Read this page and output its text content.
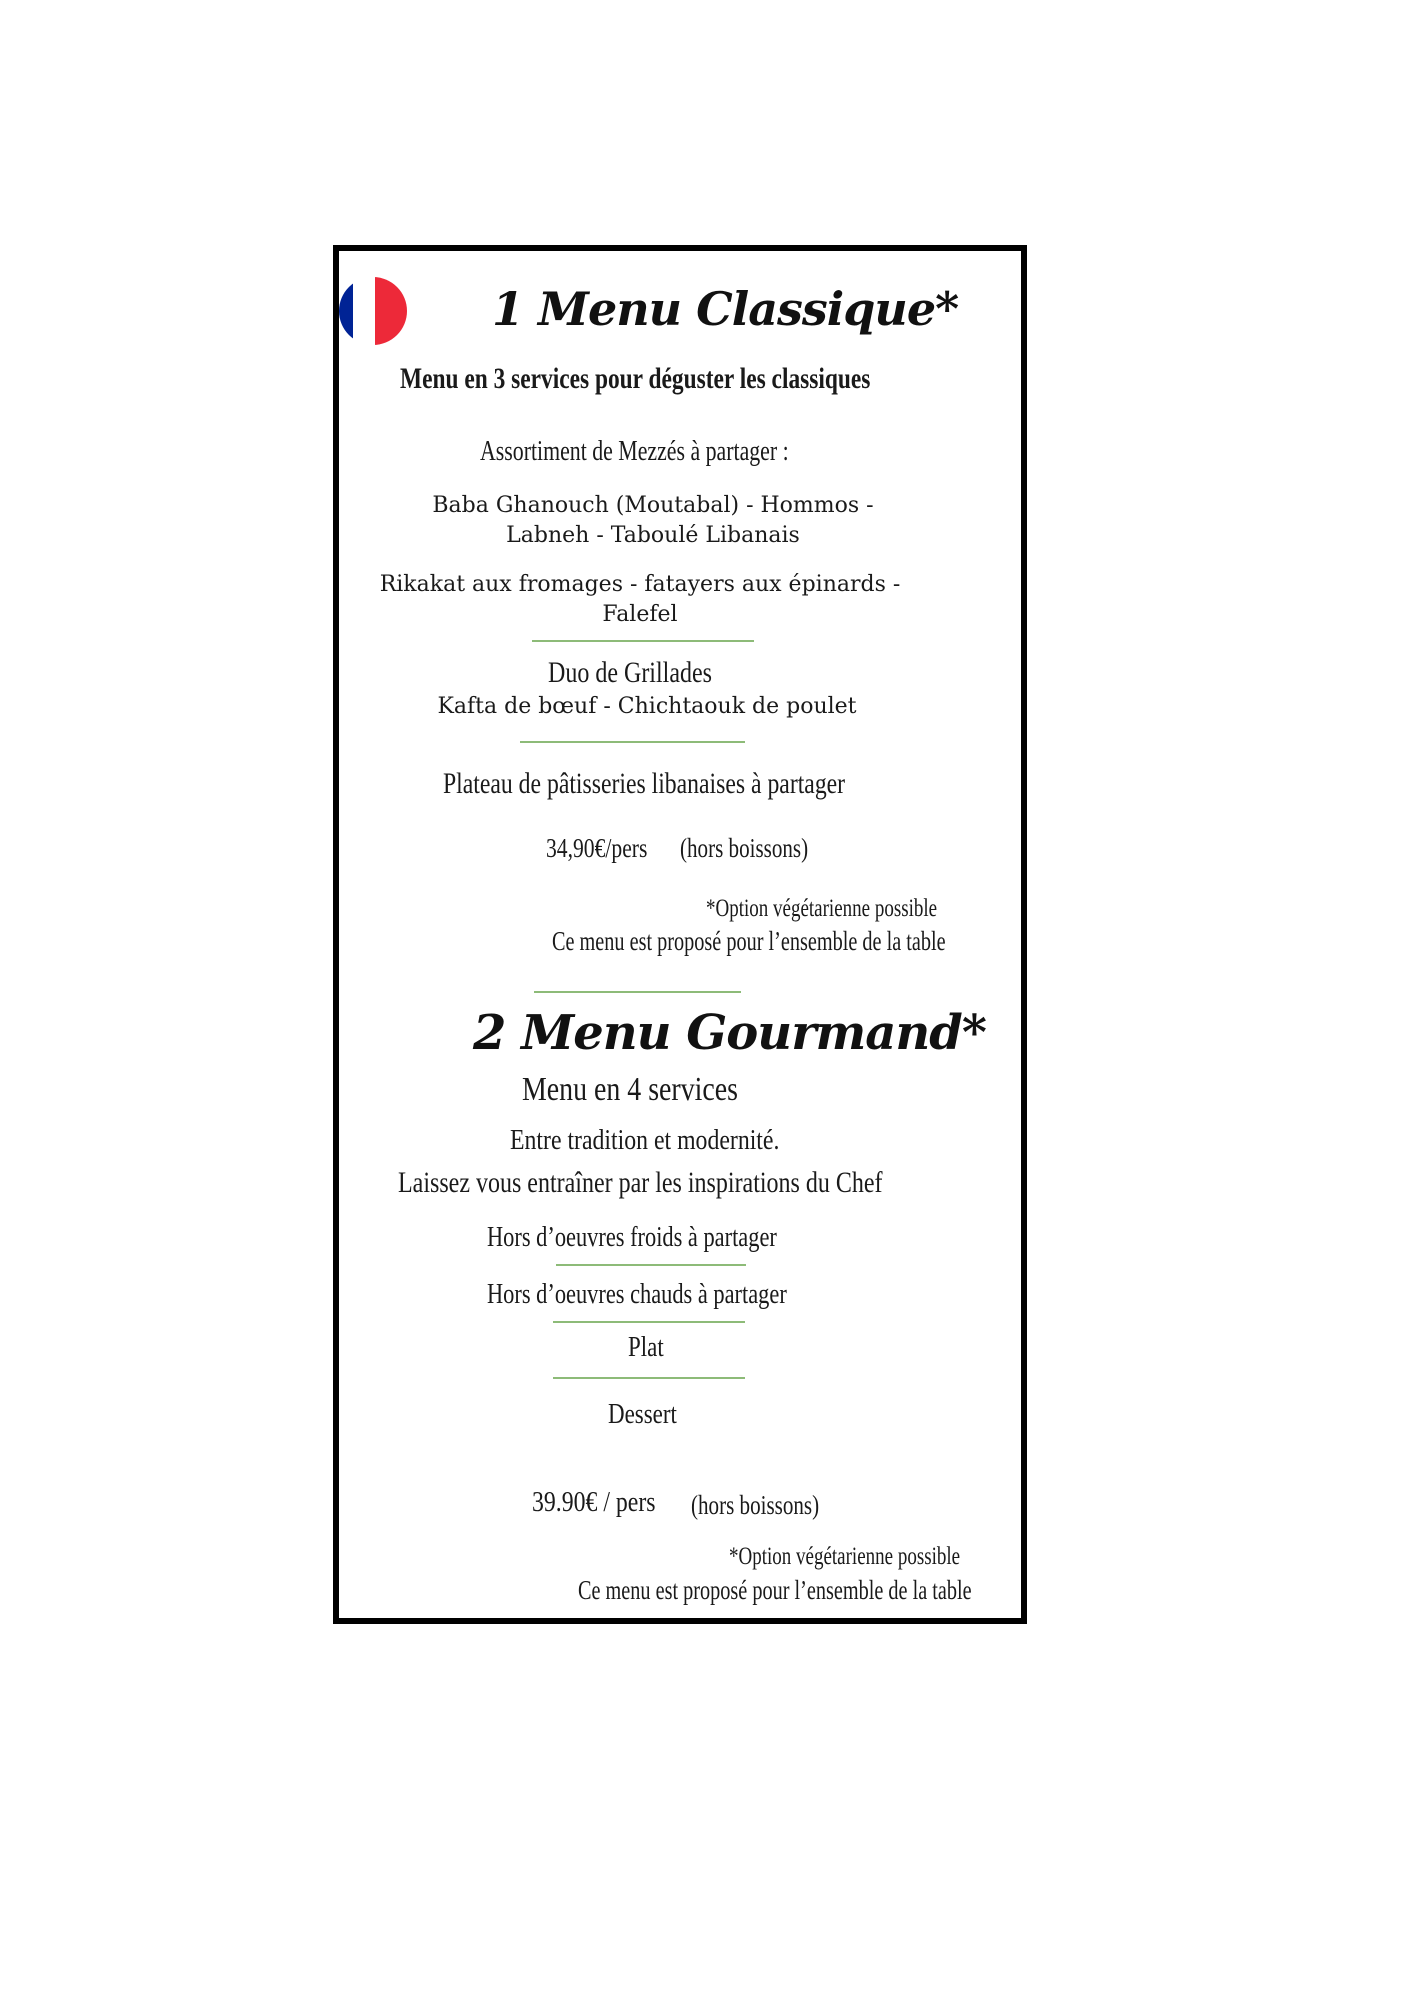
1 Menu Classique*
Menu en 3 services pour déguster les classiques
Assortiment de Mezzés à partager :
Baba Ghanouch (Moutabal) - Hommos -
Labneh - Taboulé Libanais
Rikakat aux fromages - fatayers aux épinards -
Falefel
Duo de Grillades
Kafta de bœuf - Chichtaouk de poulet
Plateau de pâtisseries libanaises à partager
34,90€/pers (hors boissons)
*Option végétarienne possible
Ce menu est proposé pour l’ensemble de la table
2 Menu Gourmand*
Menu en 4 services
Entre tradition et modernité.
Laissez vous entraîner par les inspirations du Chef
Hors d’oeuvres froids à partager
Hors d’oeuvres chauds à partager
Plat
Dessert
39.90€ / pers (hors boissons)
*Option végétarienne possible
Ce menu est proposé pour l’ensemble de la table
